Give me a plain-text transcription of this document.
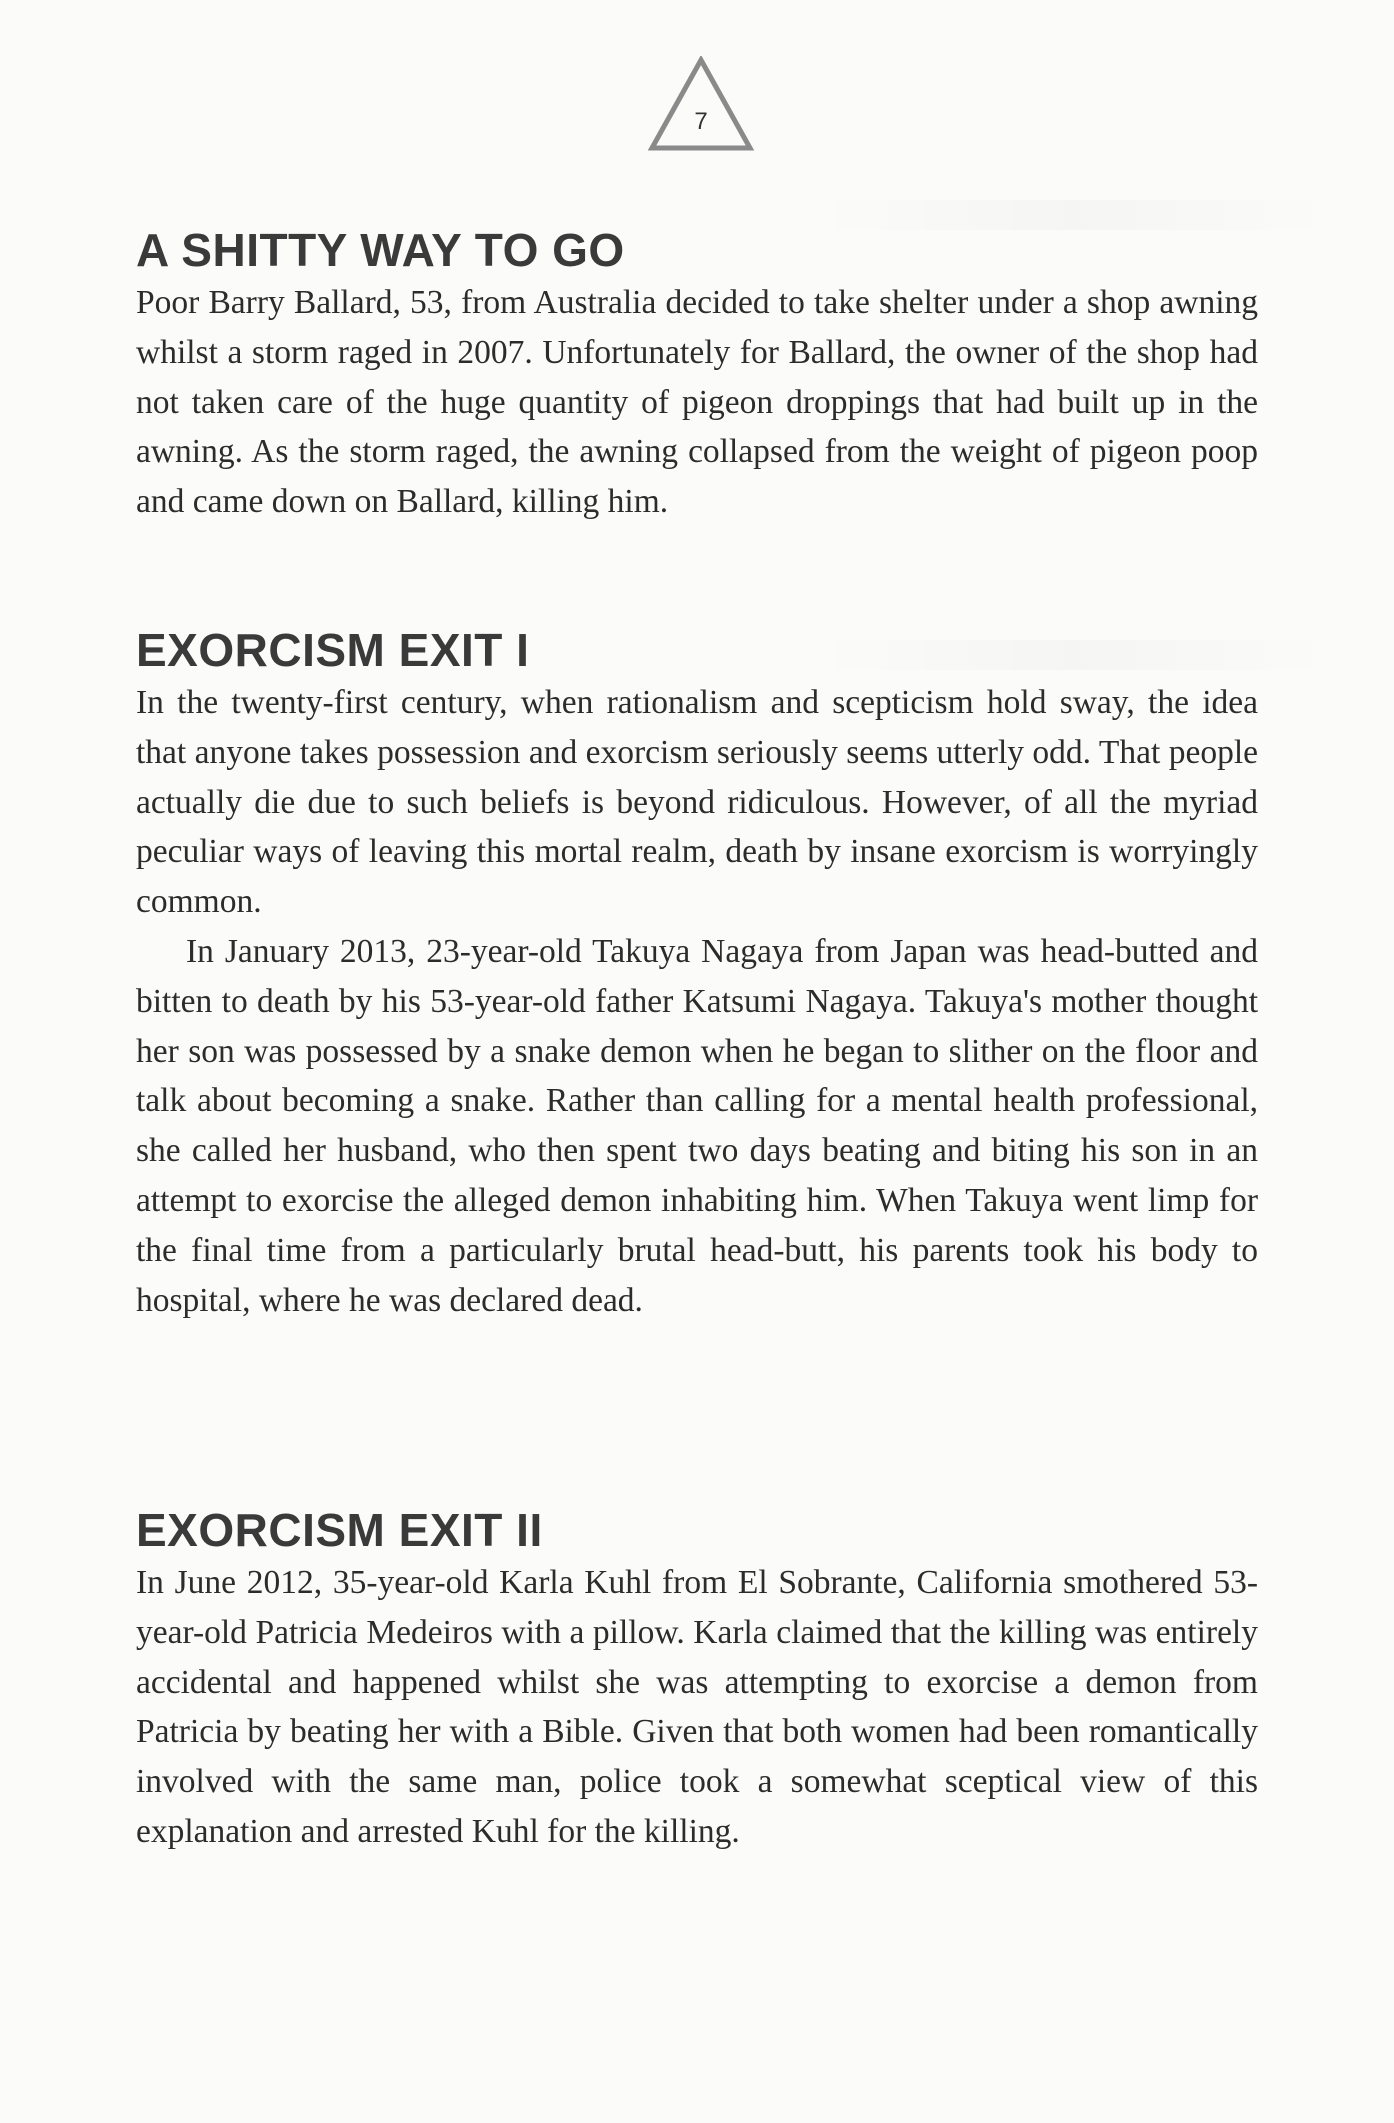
7
A SHITTY WAY TO GO

Poor Barry Ballard, 53, from Australia decided to take shelter under a shop awning whilst a storm raged in 2007. Unfortunately for Ballard, the owner of the shop had not taken care of the huge quantity of pigeon droppings that had built up in the awning. As the storm raged, the awning collapsed from the weight of pigeon poop and came down on Ballard, killing him.

EXORCISM EXIT I

In the twenty-first century, when rationalism and scepticism hold sway, the idea that anyone takes possession and exorcism seriously seems utterly odd. That people actually die due to such beliefs is beyond ridiculous. However, of all the myriad peculiar ways of leaving this mortal realm, death by insane exorcism is worryingly common.

In January 2013, 23-year-old Takuya Nagaya from Japan was head-butted and bitten to death by his 53-year-old father Katsumi Nagaya. Takuya's mother thought her son was possessed by a snake demon when he began to slither on the floor and talk about becoming a snake. Rather than calling for a mental health professional, she called her husband, who then spent two days beating and biting his son in an attempt to exorcise the alleged demon inhabiting him. When Takuya went limp for the final time from a particularly brutal head-butt, his parents took his body to hospital, where he was declared dead.

EXORCISM EXIT II

In June 2012, 35-year-old Karla Kuhl from El Sobrante, California smothered 53-year-old Patricia Medeiros with a pillow. Karla claimed that the killing was entirely accidental and happened whilst she was attempting to exorcise a demon from Patricia by beating her with a Bible. Given that both women had been romantically involved with the same man, police took a somewhat sceptical view of this explanation and arrested Kuhl for the killing.
